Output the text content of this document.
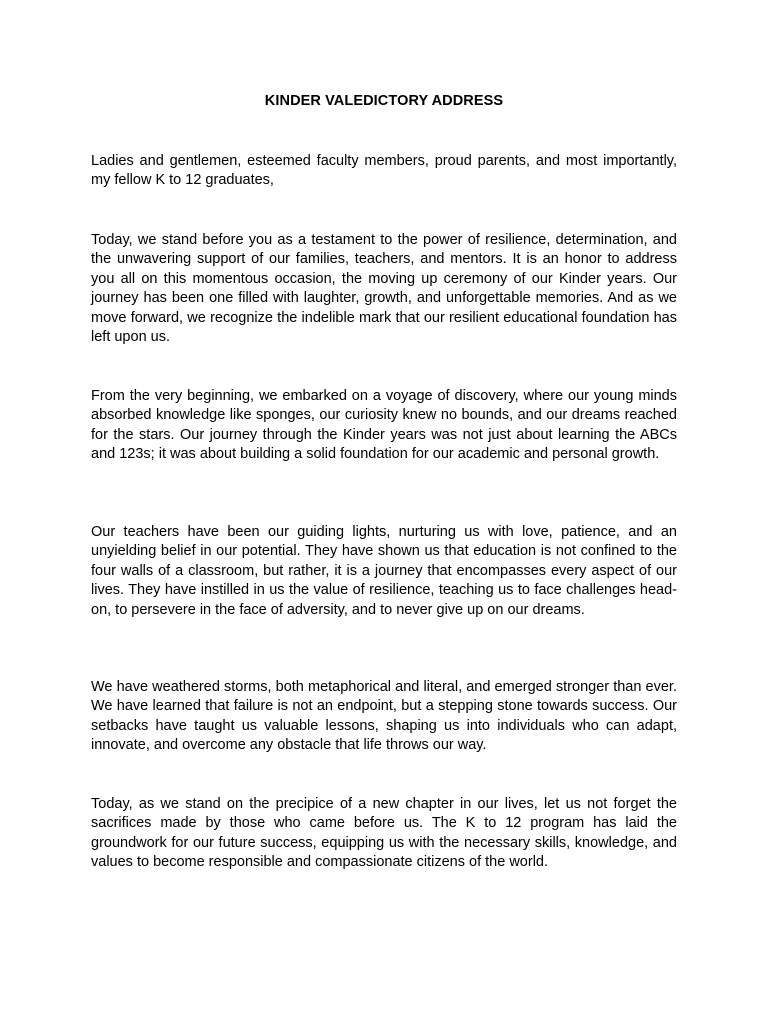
KINDER VALEDICTORY ADDRESS

Ladies and gentlemen, esteemed faculty members, proud parents, and most importantly, my fellow K to 12 graduates,

Today, we stand before you as a testament to the power of resilience, determination, and the unwavering support of our families, teachers, and mentors. It is an honor to address you all on this momentous occasion, the moving up ceremony of our Kinder years. Our journey has been one filled with laughter, growth, and unforgettable memories. And as we move forward, we recognize the indelible mark that our resilient educational foundation has left upon us.

From the very beginning, we embarked on a voyage of discovery, where our young minds absorbed knowledge like sponges, our curiosity knew no bounds, and our dreams reached for the stars. Our journey through the Kinder years was not just about learning the ABCs and 123s; it was about building a solid foundation for our academic and personal growth.

Our teachers have been our guiding lights, nurturing us with love, patience, and an unyielding belief in our potential. They have shown us that education is not confined to the four walls of a classroom, but rather, it is a journey that encompasses every aspect of our lives. They have instilled in us the value of resilience, teaching us to face challenges head-on, to persevere in the face of adversity, and to never give up on our dreams.

We have weathered storms, both metaphorical and literal, and emerged stronger than ever. We have learned that failure is not an endpoint, but a stepping stone towards success. Our setbacks have taught us valuable lessons, shaping us into individuals who can adapt, innovate, and overcome any obstacle that life throws our way.

Today, as we stand on the precipice of a new chapter in our lives, let us not forget the sacrifices made by those who came before us. The K to 12 program has laid the groundwork for our future success, equipping us with the necessary skills, knowledge, and values to become responsible and compassionate citizens of the world.
